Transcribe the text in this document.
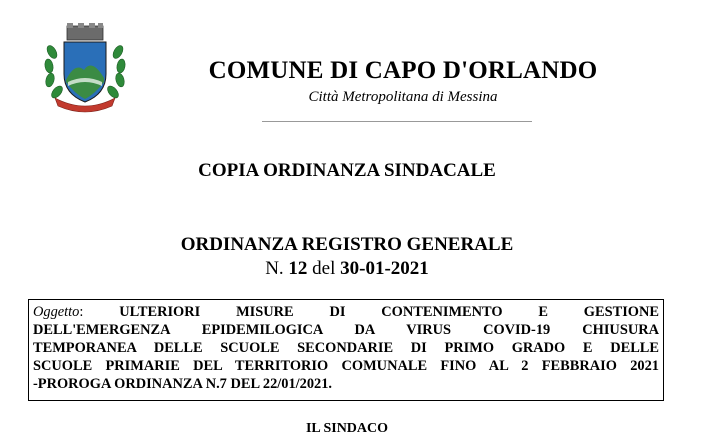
COMUNE DI CAPO D'ORLANDO
Città Metropolitana di Messina
COPIA ORDINANZA SINDACALE
ORDINANZA REGISTRO GENERALE
N. 12 del 30-01-2021
Oggetto: ULTERIORI MISURE DI CONTENIMENTO E GESTIONE
DELL'EMERGENZA EPIDEMILOGICA DA VIRUS COVID-19 CHIUSURA
TEMPORANEA DELLE SCUOLE SECONDARIE DI PRIMO GRADO E DELLE
SCUOLE PRIMARIE DEL TERRITORIO COMUNALE FINO AL 2 FEBBRAIO 2021
-PROROGA ORDINANZA N.7 DEL 22/01/2021.
IL SINDACO
